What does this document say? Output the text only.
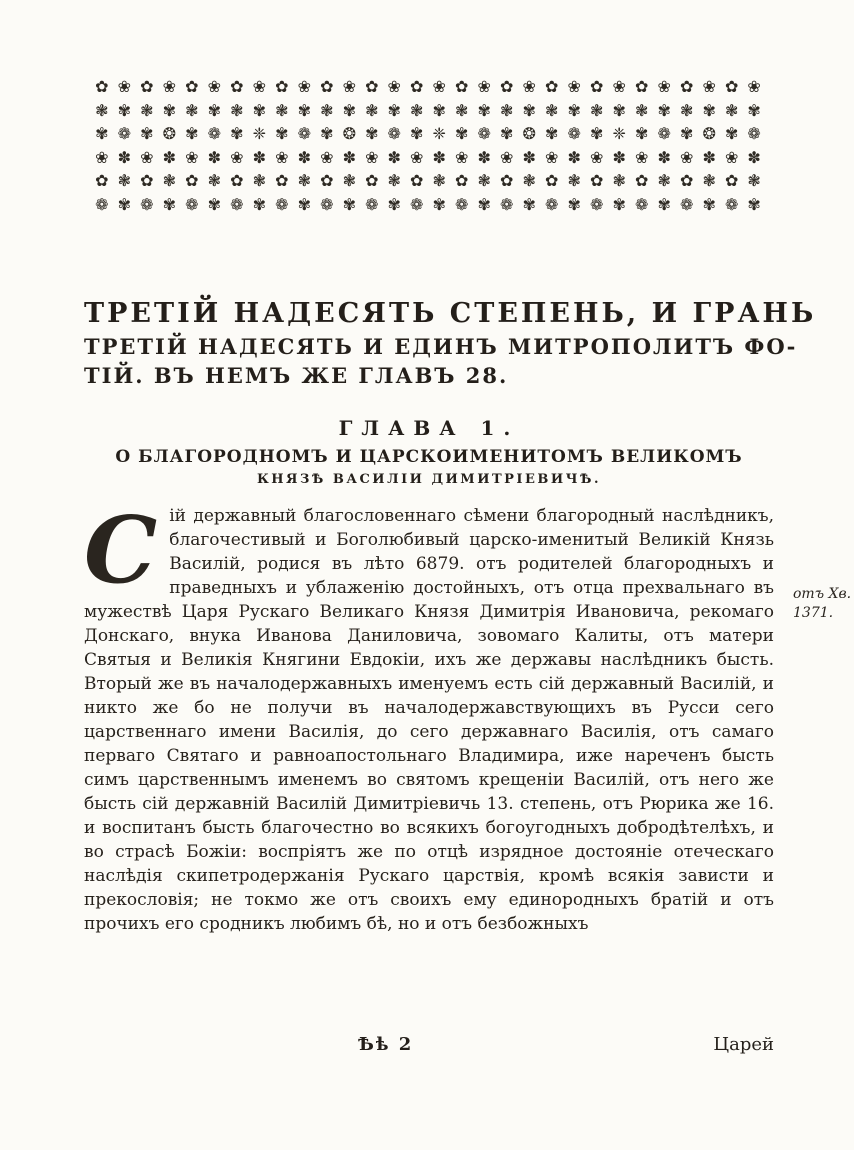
✿ ❀ ✿ ❀ ✿ ❀ ✿ ❀ ✿ ❀ ✿ ❀ ✿ ❀ ✿ ❀ ✿ ❀ ✿ ❀ ✿ ❀ ✿ ❀ ✿ ❀ ✿ ❀ ✿ ❀
❃ ✾ ❃ ✾ ❃ ✾ ❃ ✾ ❃ ✾ ❃ ✾ ❃ ✾ ❃ ✾ ❃ ✾ ❃ ✾ ❃ ✾ ❃ ✾ ❃ ✾ ❃ ✾ ❃ ✾
✾ ❁ ✾ ❂ ✾ ❁ ✾ ❈ ✾ ❁ ✾ ❂ ✾ ❁ ✾ ❈ ✾ ❁ ✾ ❂ ✾ ❁ ✾ ❈ ✾ ❁ ✾ ❂ ✾ ❁
❀ ✽ ❀ ✽ ❀ ✽ ❀ ✽ ❀ ✽ ❀ ✽ ❀ ✽ ❀ ✽ ❀ ✽ ❀ ✽ ❀ ✽ ❀ ✽ ❀ ✽ ❀ ✽ ❀ ✽
✿ ❃ ✿ ❃ ✿ ❃ ✿ ❃ ✿ ❃ ✿ ❃ ✿ ❃ ✿ ❃ ✿ ❃ ✿ ❃ ✿ ❃ ✿ ❃ ✿ ❃ ✿ ❃ ✿ ❃
❁ ✾ ❁ ✾ ❁ ✾ ❁ ✾ ❁ ✾ ❁ ✾ ❁ ✾ ❁ ✾ ❁ ✾ ❁ ✾ ❁ ✾ ❁ ✾ ❁ ✾ ❁ ✾ ❁ ✾
ТРЕТІЙ НАДЕСЯТЬ СТЕПЕНЬ, И ГРАНЬ
ТРЕТІЙ НАДЕСЯТЬ И ЕДИНЪ МИТРОПОЛИТЪ ФО-
ТІЙ. ВЪ НЕМЪ ЖЕ ГЛАВЪ 28.
ГЛАВА 1.
О БЛАГОРОДНОМЪ И ЦАРСКОИМЕНИТОМЪ ВЕЛИКОМЪ
КНЯЗѢ ВАСИЛІИ ДИМИТРІЕВИЧѢ.

Сій державный благословеннаго сѣмени благородный наслѣдникъ, благочестивый и Боголюбивый царско-именитый Великій Князь Василій, родися въ лѣто 6879. отъ родителей благородныхъ и праведныхъ и ублаженію достойныхъ, отъ отца прехвальнаго въ мужествѣ Царя Рускаго Великаго Князя Димитрія Ивановича, рекомаго Донскаго, внука Иванова Даниловича, зовомаго Калиты, отъ матери Святыя и Великія Княгини Евдокіи, ихъ же державы наслѣдникъ бысть. Вторый же въ началодержавныхъ именуемъ есть сій державный Василій, и никто же бо не получи въ началодержавствующихъ въ Русси сего царственнаго имени Василія, до сего державнаго Василія, отъ самаго перваго Святаго и равноапостольнаго Владимира, иже нареченъ бысть симъ царственнымъ именемъ во святомъ крещеніи Василій, отъ него же бысть сій державній Василій Димитріевичь 13. степень, отъ Рюрика же 16. и воспитанъ бысть благочестно во всякихъ богоугодныхъ добродѣтелѣхъ, и во страсѣ Божіи: воспріятъ же по отцѣ изрядное достояніе отеческаго наслѣдія скипетродержанія Рускаго царствія, кромѣ всякія зависти и прекословія; не токмо же отъ своихъ ему единородныхъ братій и отъ прочихъ его сродникъ любимъ бѣ, но и отъ безбожныхъ

отъ Хв.
1371.
Ѣѣ 2	Царей
